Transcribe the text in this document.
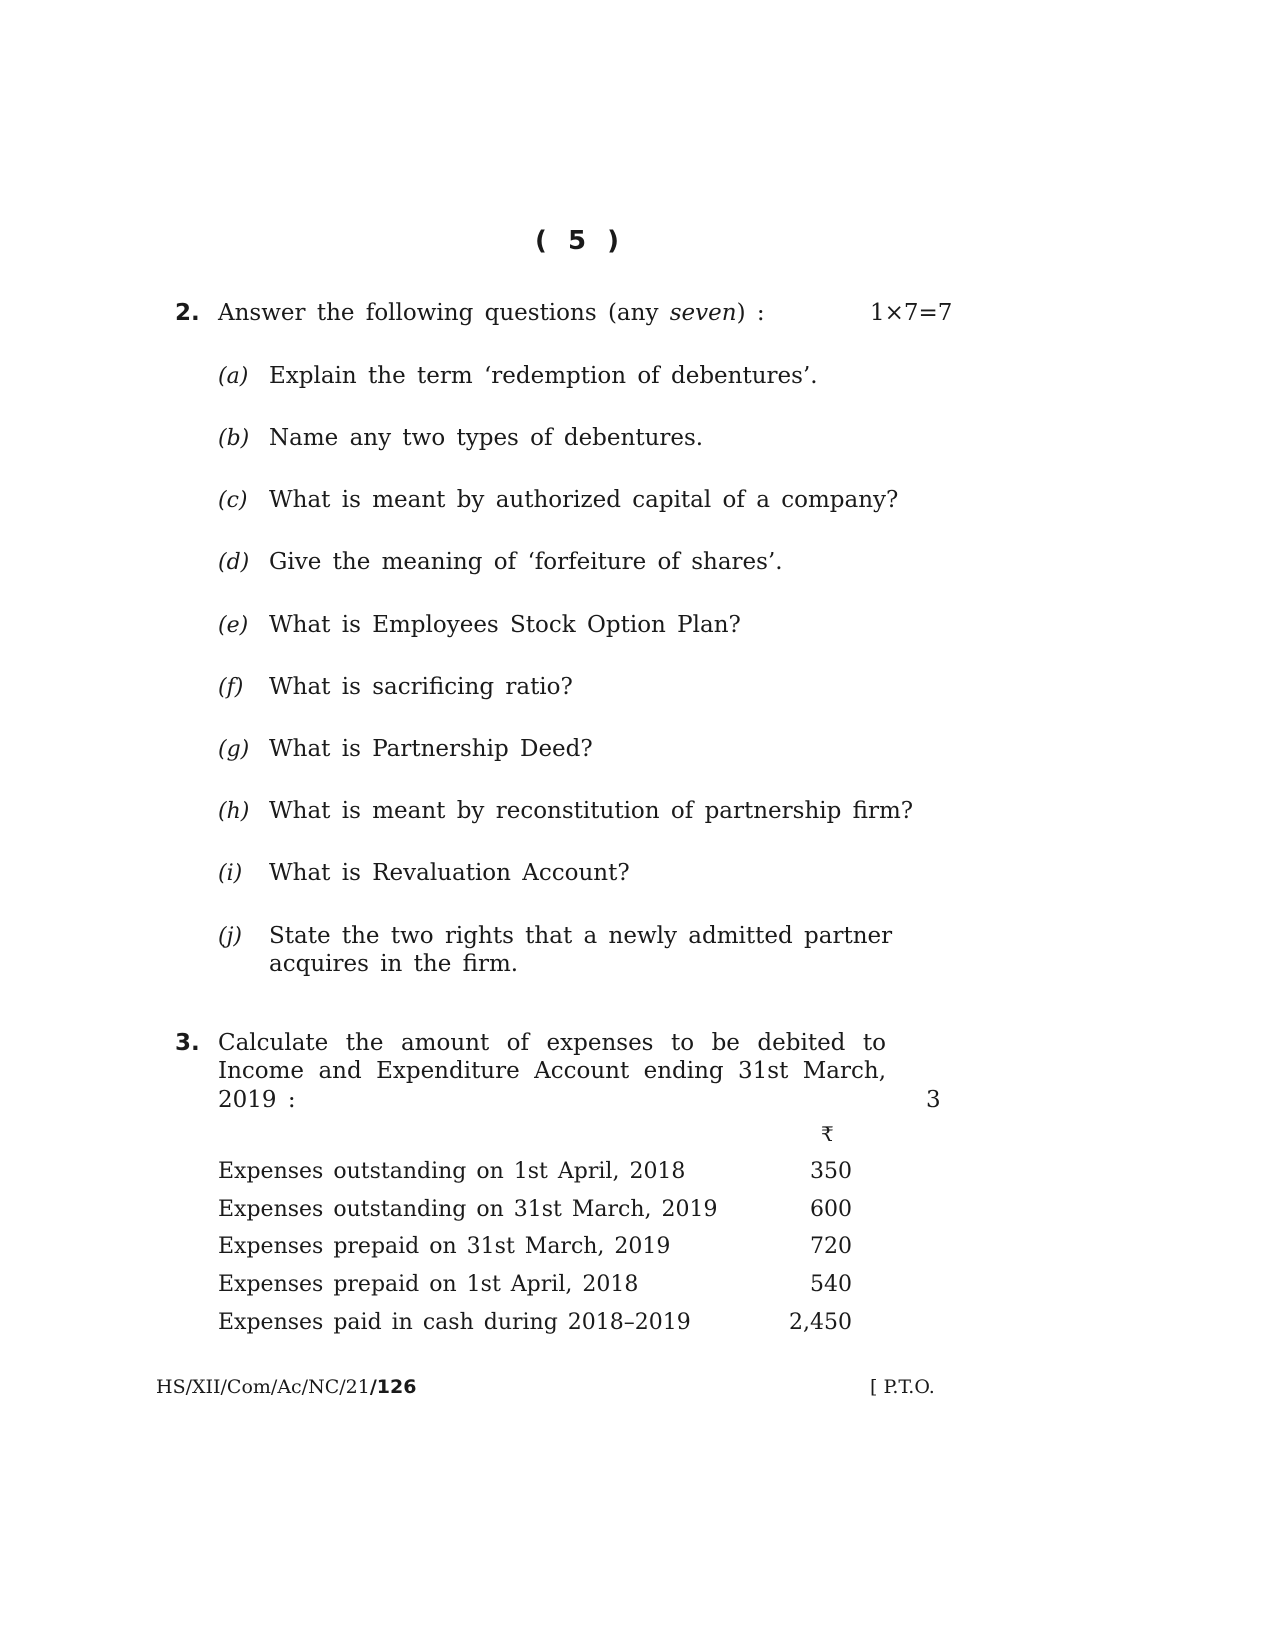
( 5 )
2. Answer the following questions (any seven) :	1×7=7
(a) Explain the term ‘redemption of debentures’.
(b) Name any two types of debentures.
(c) What is meant by authorized capital of a company?
(d) Give the meaning of ‘forfeiture of shares’.
(e) What is Employees Stock Option Plan?
(f) What is sacrificing ratio?
(g) What is Partnership Deed?
(h) What is meant by reconstitution of partnership firm?
(i) What is Revaluation Account?
(j) State the two rights that a newly admitted partner
acquires in the firm.
3. Calculate the amount of expenses to be debited to
Income and Expenditure Account ending 31st March,
2019 :	3
₹
Expenses outstanding on 1st April, 2018	350
Expenses outstanding on 31st March, 2019	600
Expenses prepaid on 31st March, 2019	720
Expenses prepaid on 1st April, 2018	540
Expenses paid in cash during 2018–2019	2,450
HS/XII/Com/Ac/NC/21/126	[ P.T.O.
